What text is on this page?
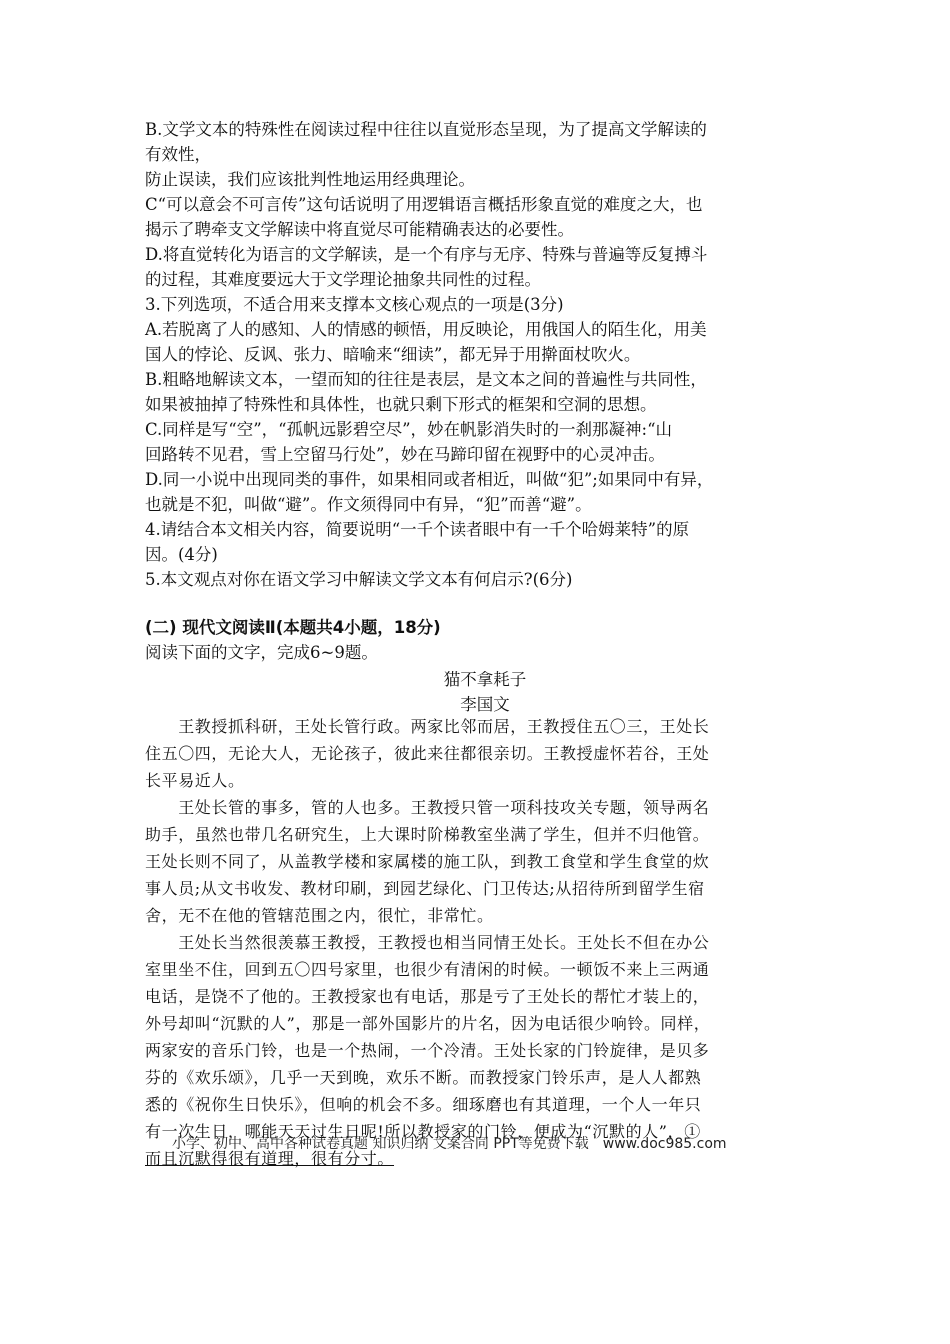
B.文学文本的特殊性在阅读过程中往往以直觉形态呈现，为了提高文学解读的
有效性，
防止误读，我们应该批判性地运用经典理论。
C“可以意会不可言传”这句话说明了用逻辑语言概括形象直觉的难度之大，也
揭示了聘牵支文学解读中将直觉尽可能精确表达的必要性。
D.将直觉转化为语言的文学解读，是一个有序与无序、特殊与普遍等反复搏斗
的过程，其难度要远大于文学理论抽象共同性的过程。
3.下列选项，不适合用来支撑本文核心观点的一项是(3分)
A.若脱离了人的感知、人的情感的顿悟，用反映论，用俄国人的陌生化，用美
国人的悖论、反讽、张力、暗喻来“细读”，都无异于用擀面杖吹火。
B.粗略地解读文本，一望而知的往往是表层，是文本之间的普遍性与共同性，
如果被抽掉了特殊性和具体性，也就只剩下形式的框架和空洞的思想。
C.同样是写“空”，“孤帆远影碧空尽”，妙在帆影消失时的一刹那凝神:“山
回路转不见君，雪上空留马行处”，妙在马蹄印留在视野中的心灵冲击。
D.同一小说中出现同类的事件，如果相同或者相近，叫做“犯”;如果同中有异，
也就是不犯，叫做“避”。作文须得同中有异，“犯”而善“避”。
4.请结合本文相关内容，简要说明“一千个读者眼中有一千个哈姆莱特”的原
因。(4分)
5.本文观点对你在语文学习中解读文学文本有何启示?(6分)
(二) 现代文阅读Ⅱ(本题共4小题，18分)
阅读下面的文字，完成6~9题。
猫不拿耗子
李国文
　　王教授抓科研，王处长管行政。两家比邻而居，王教授住五〇三，王处长
住五〇四，无论大人，无论孩子，彼此来往都很亲切。王教授虚怀若谷，王处
长平易近人。
　　王处长管的事多，管的人也多。王教授只管一项科技攻关专题，领导两名
助手，虽然也带几名研究生，上大课时阶梯教室坐满了学生，但并不归他管。
王处长则不同了，从盖教学楼和家属楼的施工队，到教工食堂和学生食堂的炊
事人员;从文书收发、教材印刷，到园艺绿化、门卫传达;从招待所到留学生宿
舍，无不在他的管辖范围之内，很忙，非常忙。
　　王处长当然很羡慕王教授，王教授也相当同情王处长。王处长不但在办公
室里坐不住，回到五〇四号家里，也很少有清闲的时候。一顿饭不来上三两通
电话，是饶不了他的。王教授家也有电话，那是亏了王处长的帮忙才装上的，
外号却叫“沉默的人”，那是一部外国影片的片名，因为电话很少响铃。同样，
两家安的音乐门铃，也是一个热闹，一个冷清。王处长家的门铃旋律，是贝多
芬的《欢乐颂》，几乎一天到晚，欢乐不断。而教授家门铃乐声，是人人都熟
悉的《祝你生日快乐》，但响的机会不多。细琢磨也有其道理，一个人一年只
有一次生日，哪能天天过生日呢!所以教授家的门铃，便成为“沉默的人”，①
而且沉默得很有道理，很有分寸。
小学、初中、高中各种试卷真题 知识归纳 文案合同 PPT等免费下载　www.doc985.com
